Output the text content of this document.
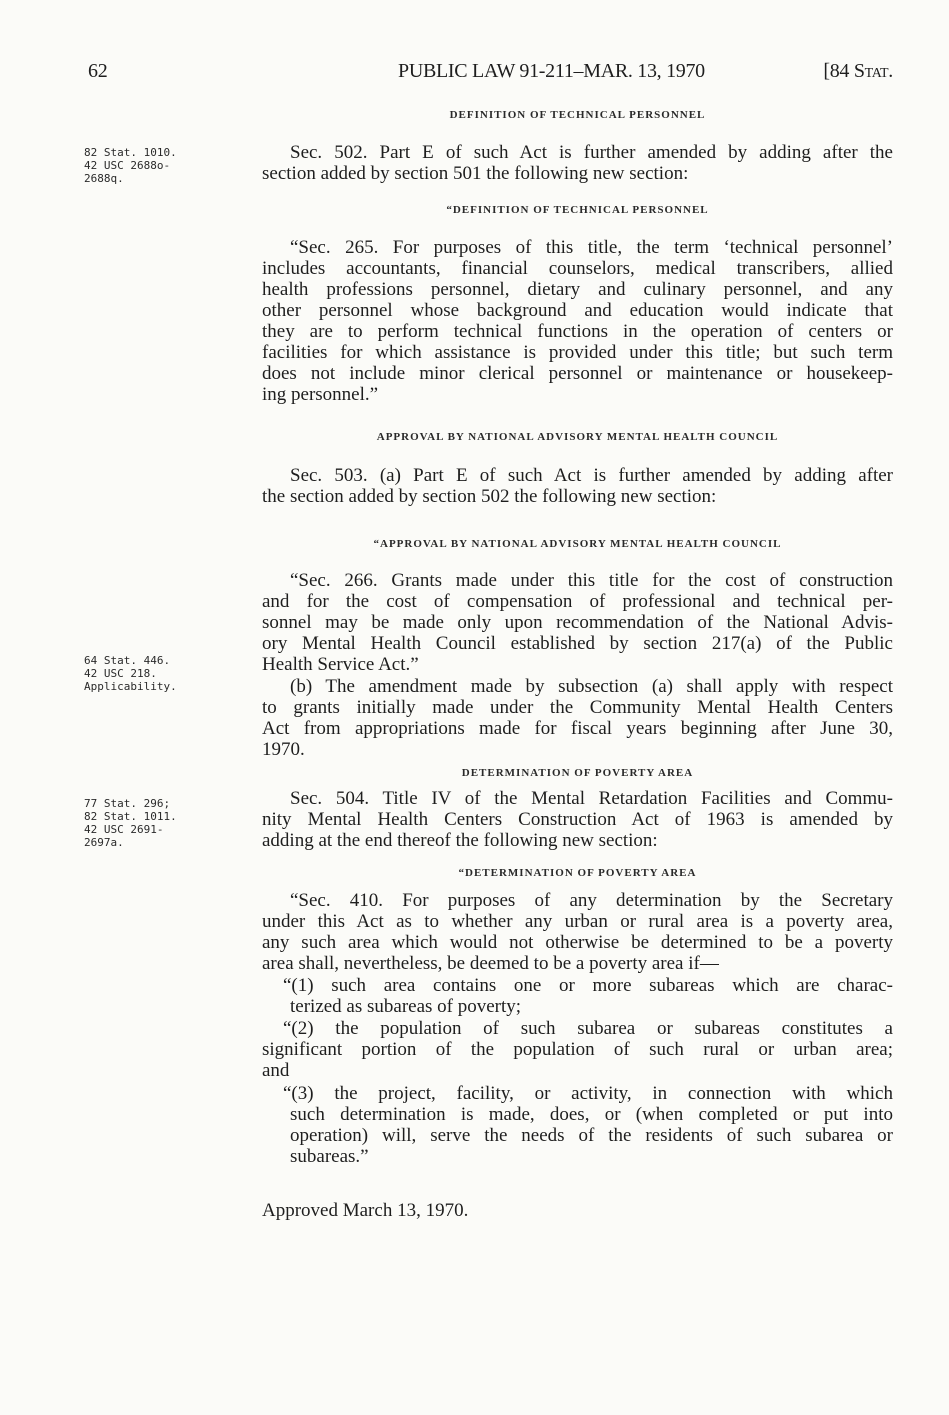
62	PUBLIC LAW 91-211–MAR. 13, 1970	[84 Stat.
DEFINITION OF TECHNICAL PERSONNEL
“DEFINITION OF TECHNICAL PERSONNEL
APPROVAL BY NATIONAL ADVISORY MENTAL HEALTH COUNCIL
“APPROVAL BY NATIONAL ADVISORY MENTAL HEALTH COUNCIL
DETERMINATION OF POVERTY AREA
“DETERMINATION OF POVERTY AREA
82 Stat. 1010.
42 USC 2688o-
2688q.
64 Stat. 446.
42 USC 218.
Applicability.
77 Stat. 296;
82 Stat. 1011.
42 USC 2691-
2697a.
Sec. 502. Part E of such Act is further amended by adding after the
section added by section 501 the following new section:
“Sec. 265. For purposes of this title, the term ‘technical personnel’
includes accountants, financial counselors, medical transcribers, allied
health professions personnel, dietary and culinary personnel, and any
other personnel whose background and education would indicate that
they are to perform technical functions in the operation of centers or
facilities for which assistance is provided under this title; but such term
does not include minor clerical personnel or maintenance or housekeep-
ing personnel.”
Sec. 503. (a) Part E of such Act is further amended by adding after
the section added by section 502 the following new section:
“Sec. 266. Grants made under this title for the cost of construction
and for the cost of compensation of professional and technical per-
sonnel may be made only upon recommendation of the National Advis-
ory Mental Health Council established by section 217(a) of the Public
Health Service Act.”
(b) The amendment made by subsection (a) shall apply with respect
to grants initially made under the Community Mental Health Centers
Act from appropriations made for fiscal years beginning after June 30,
1970.
Sec. 504. Title IV of the Mental Retardation Facilities and Commu-
nity Mental Health Centers Construction Act of 1963 is amended by
adding at the end thereof the following new section:
“Sec. 410. For purposes of any determination by the Secretary
under this Act as to whether any urban or rural area is a poverty area,
any such area which would not otherwise be determined to be a poverty
area shall, nevertheless, be deemed to be a poverty area if—
“(1) such area contains one or more subareas which are charac-
terized as subareas of poverty;
“(2) the population of such subarea or subareas constitutes a
significant portion of the population of such rural or urban area;
and
“(3) the project, facility, or activity, in connection with which
such determination is made, does, or (when completed or put into
operation) will, serve the needs of the residents of such subarea or
subareas.”
Approved March 13, 1970.
